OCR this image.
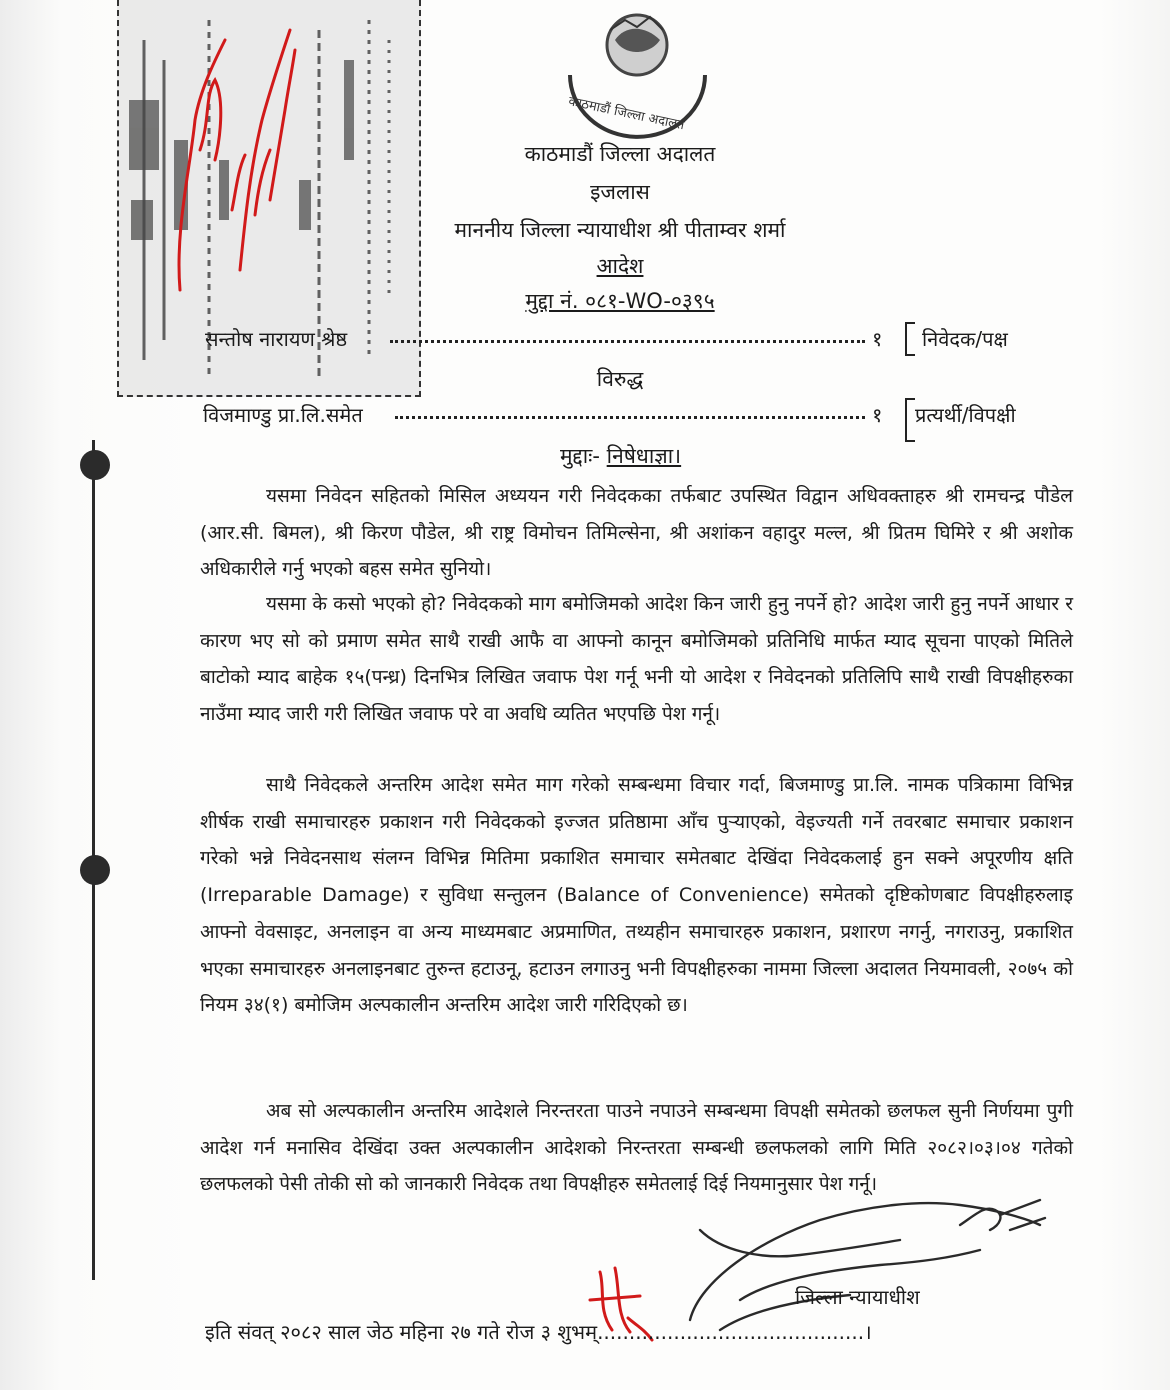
काठमाडौं जिल्ला अदालत
काठमाडौं जिल्ला अदालत
इजलास
माननीय जिल्ला न्यायाधीश श्री पीताम्वर शर्मा
आदेश
मुद्दा नं. ०८१-WO-०३९५
सन्तोष नारायण श्रेष्ठ	१ निवेदक/पक्ष
विरुद्ध
विजमाण्डु प्रा.लि.समेत	१ प्रत्यर्थी/विपक्षी
मुद्दाः- निषेधाज्ञा।
यसमा निवेदन सहितको मिसिल अध्ययन गरी निवेदकका तर्फबाट उपस्थित विद्वान अधिवक्ताहरु श्री रामचन्द्र पौडेल (आर.सी. बिमल), श्री किरण पौडेल, श्री राष्ट्र विमोचन तिमिल्सेना, श्री अशांकन वहादुर मल्ल, श्री प्रितम घिमिरे र श्री अशोक अधिकारीले गर्नु भएको बहस समेत सुनियो।
यसमा के कसो भएको हो? निवेदकको माग बमोजिमको आदेश किन जारी हुनु नपर्ने हो? आदेश जारी हुनु नपर्ने आधार र कारण भए सो को प्रमाण समेत साथै राखी आफै वा आफ्नो कानून बमोजिमको प्रतिनिधि मार्फत म्याद सूचना पाएको मितिले बाटोको म्याद बाहेक १५(पन्ध्र) दिनभित्र लिखित जवाफ पेश गर्नू भनी यो आदेश र निवेदनको प्रतिलिपि साथै राखी विपक्षीहरुका नाउँमा म्याद जारी गरी लिखित जवाफ परे वा अवधि व्यतित भएपछि पेश गर्नू।
साथै निवेदकले अन्तरिम आदेश समेत माग गरेको सम्बन्धमा विचार गर्दा, बिजमाण्डु प्रा.लि. नामक पत्रिकामा विभिन्न शीर्षक राखी समाचारहरु प्रकाशन गरी निवेदकको इज्जत प्रतिष्ठामा आँच पुर्‍याएको, वेइज्यती गर्ने तवरबाट समाचार प्रकाशन गरेको भन्ने निवेदनसाथ संलग्न विभिन्न मितिमा प्रकाशित समाचार समेतबाट देखिंदा निवेदकलाई हुन सक्ने अपूरणीय क्षति (Irreparable Damage) र सुविधा सन्तुलन (Balance of Convenience) समेतको दृष्टिकोणबाट विपक्षीहरुलाइ आफ्नो वेवसाइट, अनलाइन वा अन्य माध्यमबाट अप्रमाणित, तथ्यहीन समाचारहरु प्रकाशन, प्रशारण नगर्नु, नगराउनु, प्रकाशित भएका समाचारहरु अनलाइनबाट तुरुन्त हटाउनू, हटाउन लगाउनु भनी विपक्षीहरुका नाममा जिल्ला अदालत नियमावली, २०७५ को नियम ३४(१) बमोजिम अल्पकालीन अन्तरिम आदेश जारी गरिदिएको छ।
अब सो अल्पकालीन अन्तरिम आदेशले निरन्तरता पाउने नपाउने सम्बन्धमा विपक्षी समेतको छलफल सुनी निर्णयमा पुगी आदेश गर्न मनासिव देखिंदा उक्त अल्पकालीन आदेशको निरन्तरता सम्बन्धी छलफलको लागि मिति २०८२।०३।०४ गतेको छलफलको पेसी तोकी सो को जानकारी निवेदक तथा विपक्षीहरु समेतलाई दिई नियमानुसार पेश गर्नू।
जिल्ला न्यायाधीश
इति संवत् २०८२ साल जेठ महिना २७ गते रोज ३ शुभम्..........................................।
